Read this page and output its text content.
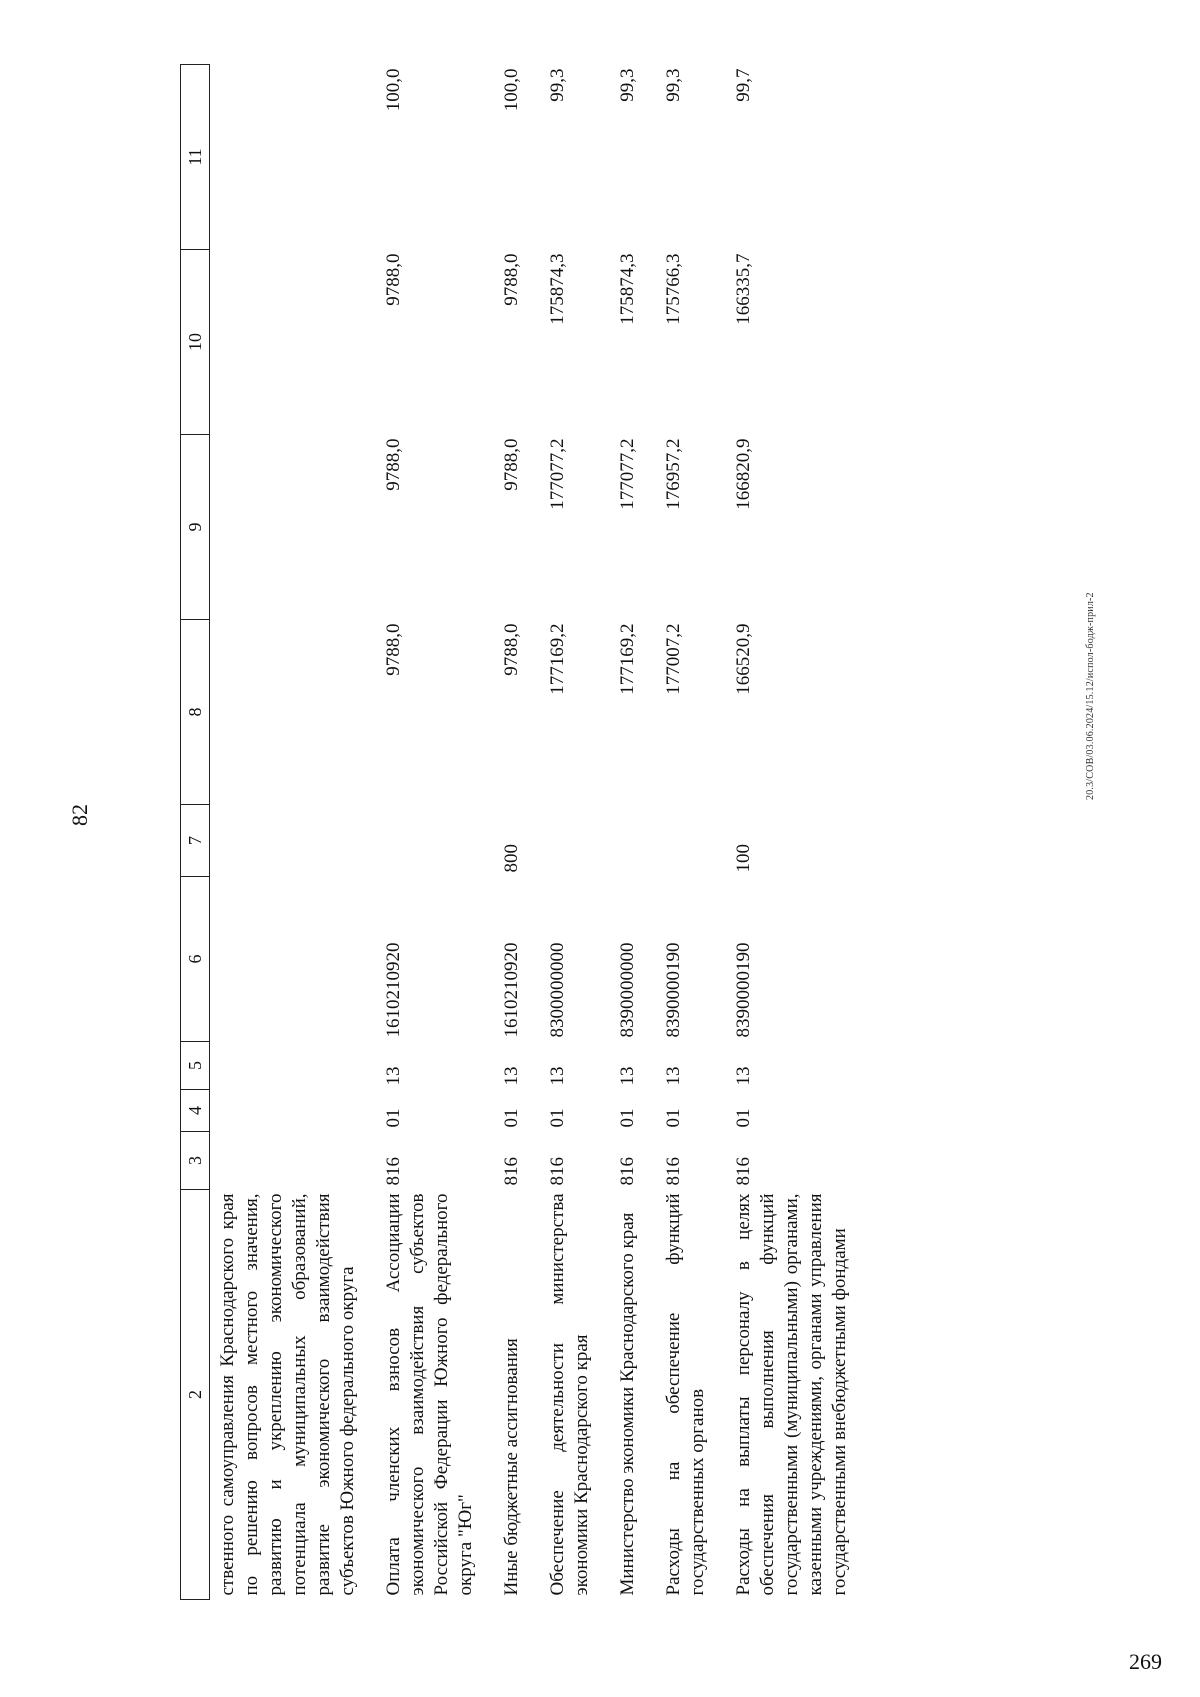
82
2	3	4	5	6	7	8	9	10	11
ственного самоуправления Краснодарского края по решению вопросов местного значения, развитию и укреплению экономического потенциала муниципальных образований, развитие экономического взаимодействия субъектов Южного федерального округа									
Оплата членских взносов Ассоциации экономического взаимодействия субъектов Российской Федерации Южного федерального округа "Юг"	816	01	13	1610210920		9788,0	9788,0	9788,0	100,0
Иные бюджетные ассигнования	816	01	13	1610210920	800	9788,0	9788,0	9788,0	100,0
Обеспечение деятельности министерства экономики Краснодарского края	816	01	13	8300000000		177169,2	177077,2	175874,3	99,3
Министерство экономики Краснодарского края	816	01	13	8390000000		177169,2	177077,2	175874,3	99,3
Расходы на обеспечение функций государственных органов	816	01	13	8390000190		177007,2	176957,2	175766,3	99,3
Расходы на выплаты персоналу в целях обеспечения выполнения функций государственными (муниципальными) органами, казенными учреждениями, органами управления государственными внебюджетными фондами	816	01	13	8390000190	100	166520,9	166820,9	166335,7	99,7
20.3/СОВ/03.06.2024/15.12/испол-бодж-прил-2
269
